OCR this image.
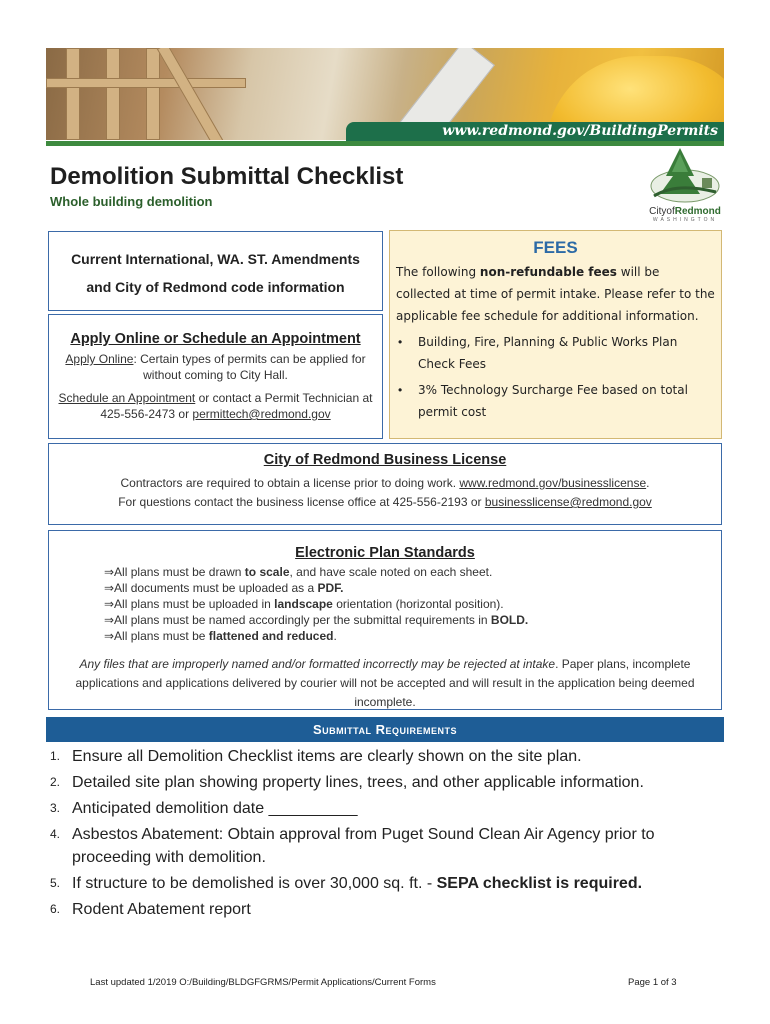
www.redmond.gov/BuildingPermits
Demolition Submittal Checklist
Whole building demolition
CityofRedmond
WASHINGTON
Current International, WA. ST. Amendments
and City of Redmond code information
Apply Online or Schedule an Appointment
Apply Online: Certain types of permits can be applied for without coming to City Hall.
Schedule an Appointment or contact a Permit Technician at 425-556-2473 or permittech@redmond.gov
FEES
The following non-refundable fees will be collected at time of permit intake. Please refer to the applicable fee schedule for additional information.
•	Building, Fire, Planning & Public Works Plan Check Fees
•	3% Technology Surcharge Fee based on total permit cost
City of Redmond Business License
Contractors are required to obtain a license prior to doing work. www.redmond.gov/businesslicense.
For questions contact the business license office at 425-556-2193 or businesslicense@redmond.gov
Electronic Plan Standards
⇒All plans must be drawn to scale, and have scale noted on each sheet.
⇒All documents must be uploaded as a PDF.
⇒All plans must be uploaded in landscape orientation (horizontal position).
⇒All plans must be named accordingly per the submittal requirements in BOLD.
⇒All plans must be flattened and reduced.
Any files that are improperly named and/or formatted incorrectly may be rejected at intake. Paper plans, incomplete applications and applications delivered by courier will not be accepted and will result in the application being deemed incomplete.
Submittal Requirements
1. Ensure all Demolition Checklist items are clearly shown on the site plan.
2. Detailed site plan showing property lines, trees, and other applicable information.
3. Anticipated demolition date __________
4. Asbestos Abatement: Obtain approval from Puget Sound Clean Air Agency prior to proceeding with demolition.
5. If structure to be demolished is over 30,000 sq. ft. - SEPA checklist is required.
6. Rodent Abatement report
Last updated 1/2019 O:/Building/BLDGFGRMS/Permit Applications/Current Forms	Page 1 of 3
